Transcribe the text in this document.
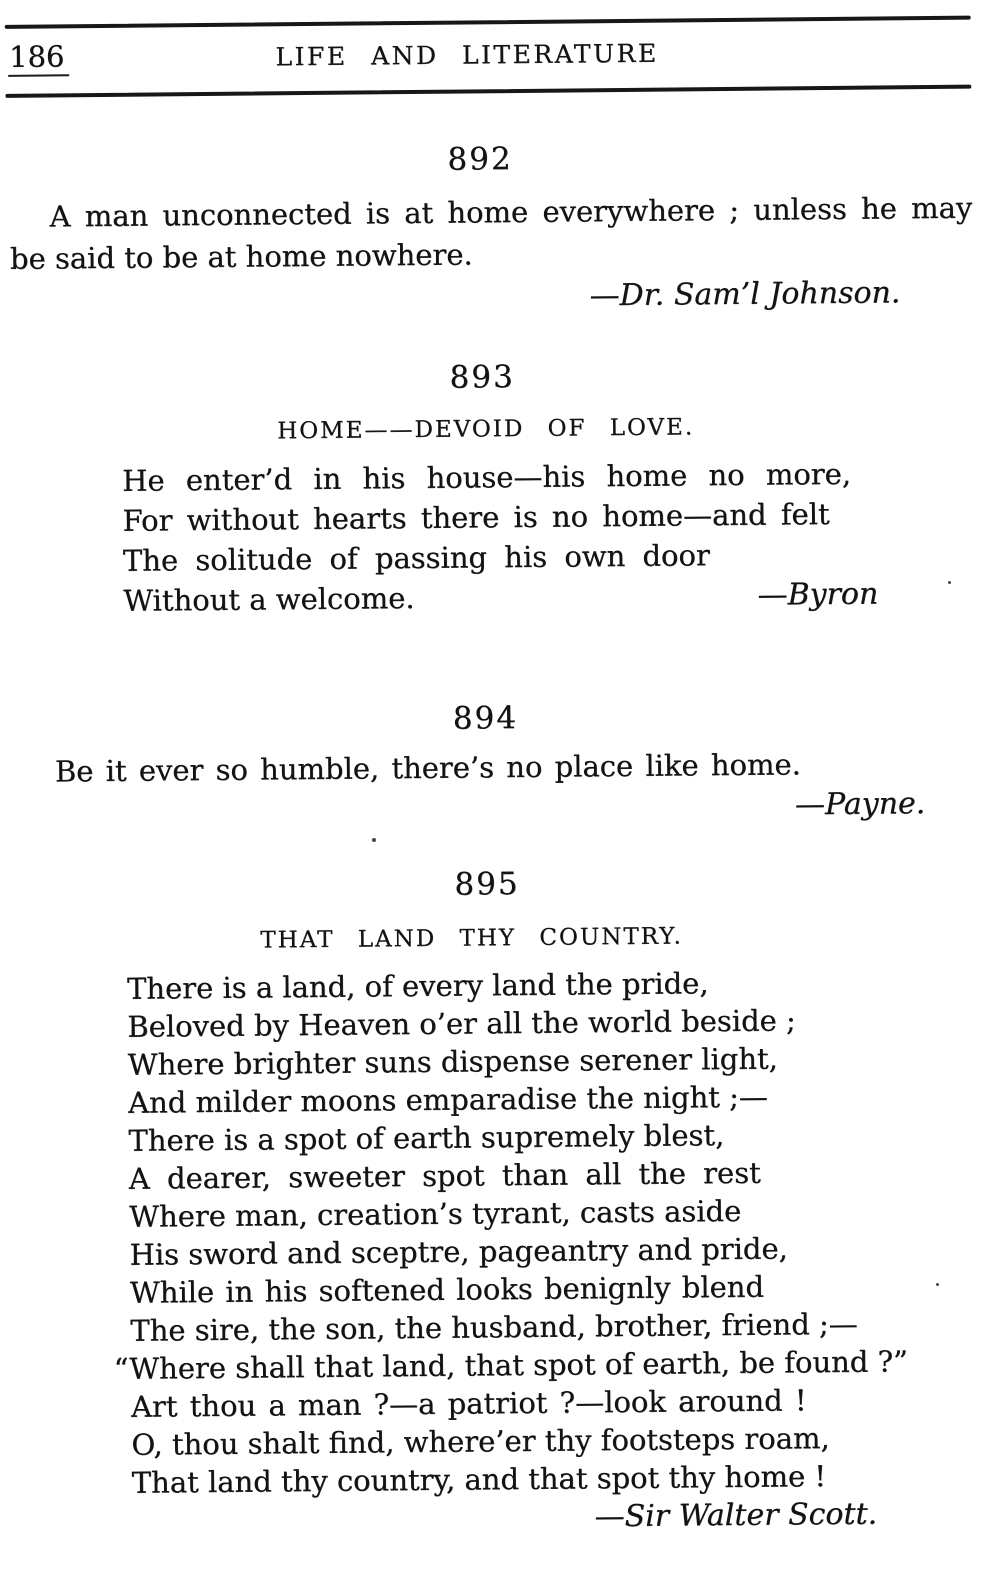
186	LIFE AND LITERATURE
892
A man unconnected is at home everywhere ; unless he may
be said to be at home nowhere.
—Dr. Sam’l Johnson.
893
HOME——DEVOID OF LOVE.
He enter’d in his house—his home no more,
For without hearts there is no home—and felt
The solitude of passing his own door
Without a welcome.	—Byron
894
Be it ever so humble, there’s no place like home.
—Payne.
895
THAT LAND THY COUNTRY.
There is a land, of every land the pride,
Beloved by Heaven o’er all the world beside ;
Where brighter suns dispense serener light,
And milder moons emparadise the night ;—
There is a spot of earth supremely blest,
A dearer, sweeter spot than all the rest
Where man, creation’s tyrant, casts aside
His sword and sceptre, pageantry and pride,
While in his softened looks benignly blend
The sire, the son, the husband, brother, friend ;—
“Where shall that land, that spot of earth, be found ?”
Art thou a man ?—a patriot ?—look around !
O, thou shalt find, where’er thy footsteps roam,
That land thy country, and that spot thy home !
—Sir Walter Scott.
